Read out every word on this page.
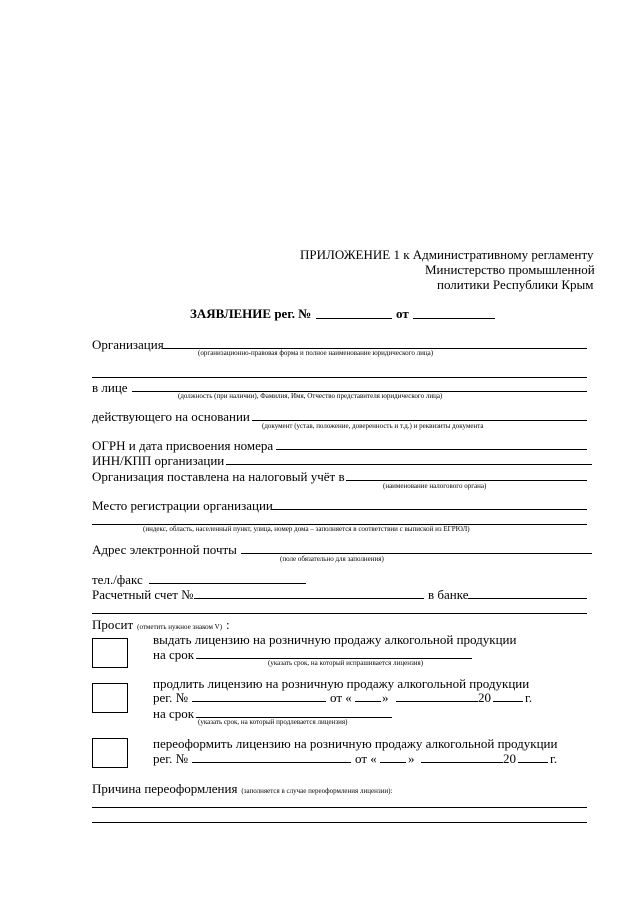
ПРИЛОЖЕНИЕ 1 к Административному регламенту
Министерство промышленной
политики Республики Крым
ЗАЯВЛЕНИЕ рег. №	от
Организация
(организационно-правовая форма и полное наименование юридического лица)
в лице
(должность (при наличии), Фамилия, Имя, Отчество представителя юридического лица)
действующего на основании
(документ (устав, положение, доверенность и т.д.) и реквизиты документа
ОГРН и дата присвоения номера
ИНН/КПП организации
Организация поставлена на налоговый учёт в
(наименование налогового органа)
Место регистрации организации
(индекс, область, населенный пункт, улица, номер дома – заполняется в соответствии с выпиской из ЕГРЮЛ)
Адрес электронной почты
(поле обязательно для заполнения)
тел./факс
Расчетный счет №	в банке
Просит (отметить нужное знаком V) :
выдать лицензию на розничную продажу алкогольной продукции
на срок
(указать срок, на который испрашивается лицензия)
продлить лицензию на розничную продажу алкогольной продукции
рег. №	от « »	20	г.
на срок
(указать срок, на который продлевается лицензия)
переоформить лицензию на розничную продажу алкогольной продукции
рег. №	от « »	20	г.
Причина переоформления (заполняется в случае переоформления лицензии):
